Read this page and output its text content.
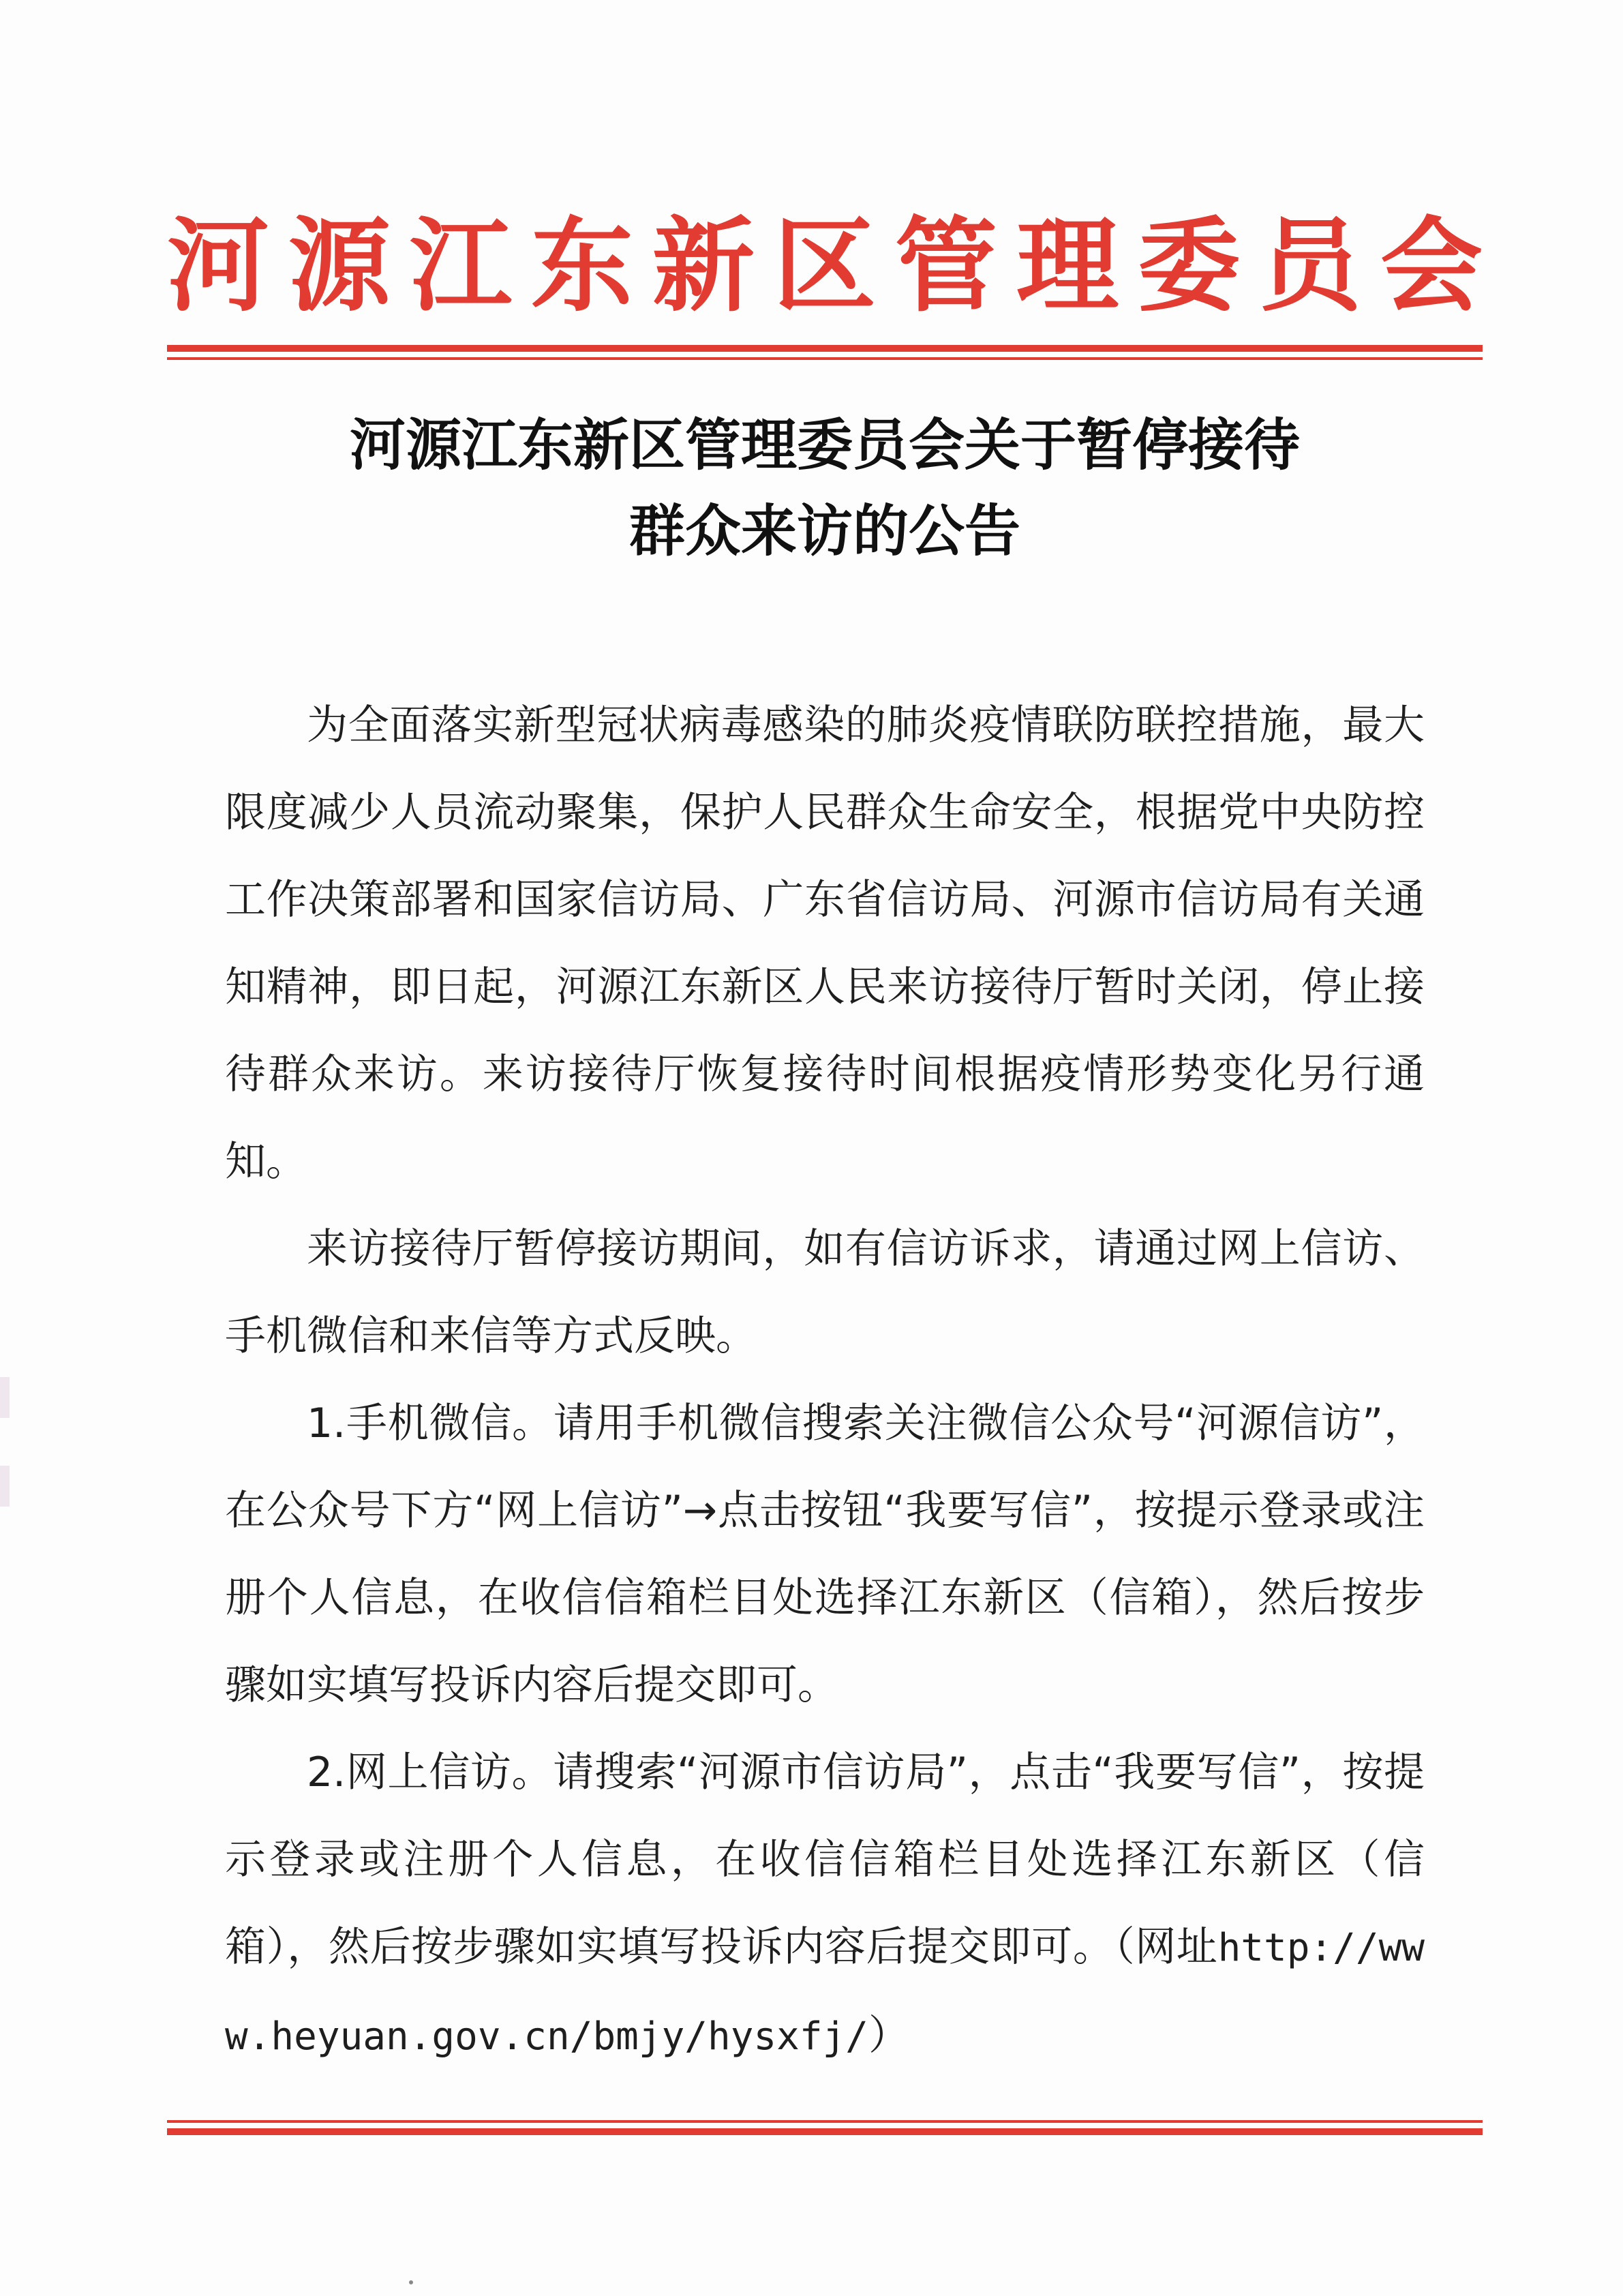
河 源 江 东 新 区 管 理 委 员 会
河源江东新区管理委员会关于暂停接待
群众来访的公告

为全面落实新型冠状病毒感染的肺炎疫情联防联控措施，最大限度减少人员流动聚集，保护人民群众生命安全，根据党中央防控工作决策部署和国家信访局、广东省信访局、河源市信访局有关通知精神，即日起，河源江东新区人民来访接待厅暂时关闭，停止接待群众来访。来访接待厅恢复接待时间根据疫情形势变化另行通知。

来访接待厅暂停接访期间，如有信访诉求，请通过网上信访、手机微信和来信等方式反映。

1.手机微信。请用手机微信搜索关注微信公众号“河源信访”，在公众号下方“网上信访”→点击按钮“我要写信”，按提示登录或注册个人信息，在收信信箱栏目处选择江东新区（信箱），然后按步骤如实填写投诉内容后提交即可。

2.网上信访。请搜索“河源市信访局”，点击“我要写信”，按提示登录或注册个人信息，在收信信箱栏目处选择江东新区（信箱），然后按步骤如实填写投诉内容后提交即可。（网址http://www.heyuan.gov.cn/bmjy/hysxfj/）
